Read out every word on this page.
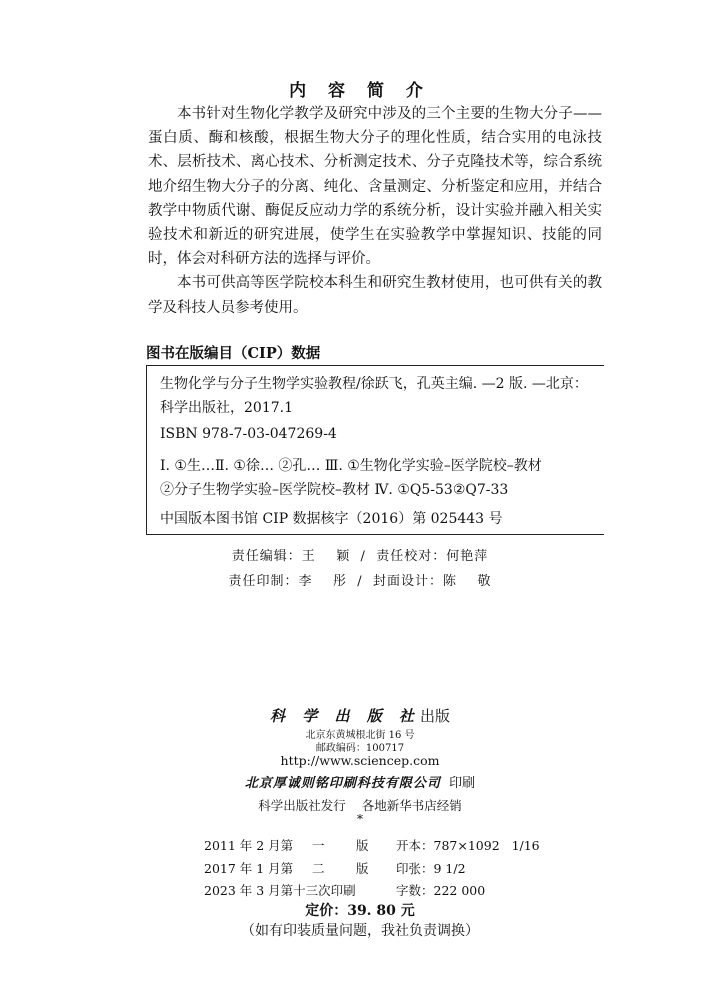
内 容 简 介

本书针对生物化学教学及研究中涉及的三个主要的生物大分子——蛋白质、酶和核酸，根据生物大分子的理化性质，结合实用的电泳技术、层析技术、离心技术、分析测定技术、分子克隆技术等，综合系统地介绍生物大分子的分离、纯化、含量测定、分析鉴定和应用，并结合教学中物质代谢、酶促反应动力学的系统分析，设计实验并融入相关实验技术和新近的研究进展，使学生在实验教学中掌握知识、技能的同时，体会对科研方法的选择与评价。

本书可供高等医学院校本科生和研究生教材使用，也可供有关的教学及科技人员参考使用。

图书在版编目（CIP）数据
生物化学与分子生物学实验教程/徐跃飞，孔英主编. —2 版. —北京：
科学出版社，2017.1
ISBN 978-7-03-047269-4
Ⅰ. ①生…Ⅱ. ①徐… ②孔… Ⅲ. ①生物化学实验–医学院校–教材
②分子生物学实验–医学院校–教材 Ⅳ. ①Q5-53②Q7-33
中国版本图书馆 CIP 数据核字（2016）第 025443 号
责任编辑：王    颖  /  责任校对：何艳萍
责任印制：李    彤  /  封面设计：陈    敬
科 学 出 版 社出版
北京东黄城根北街 16 号
邮政编码：100717
http://www.sciencep.com
北京厚诚则铭印刷科技有限公司 印刷
科学出版社发行    各地新华书店经销
*
2011 年 2 月第 一	版 开本：787×1092   1/16
2017 年 1 月第 二	版 印张：9 1/2
2023 年 3 月第十三次印刷	字数：222 000
定价：39. 80 元
（如有印装质量问题，我社负责调换）
